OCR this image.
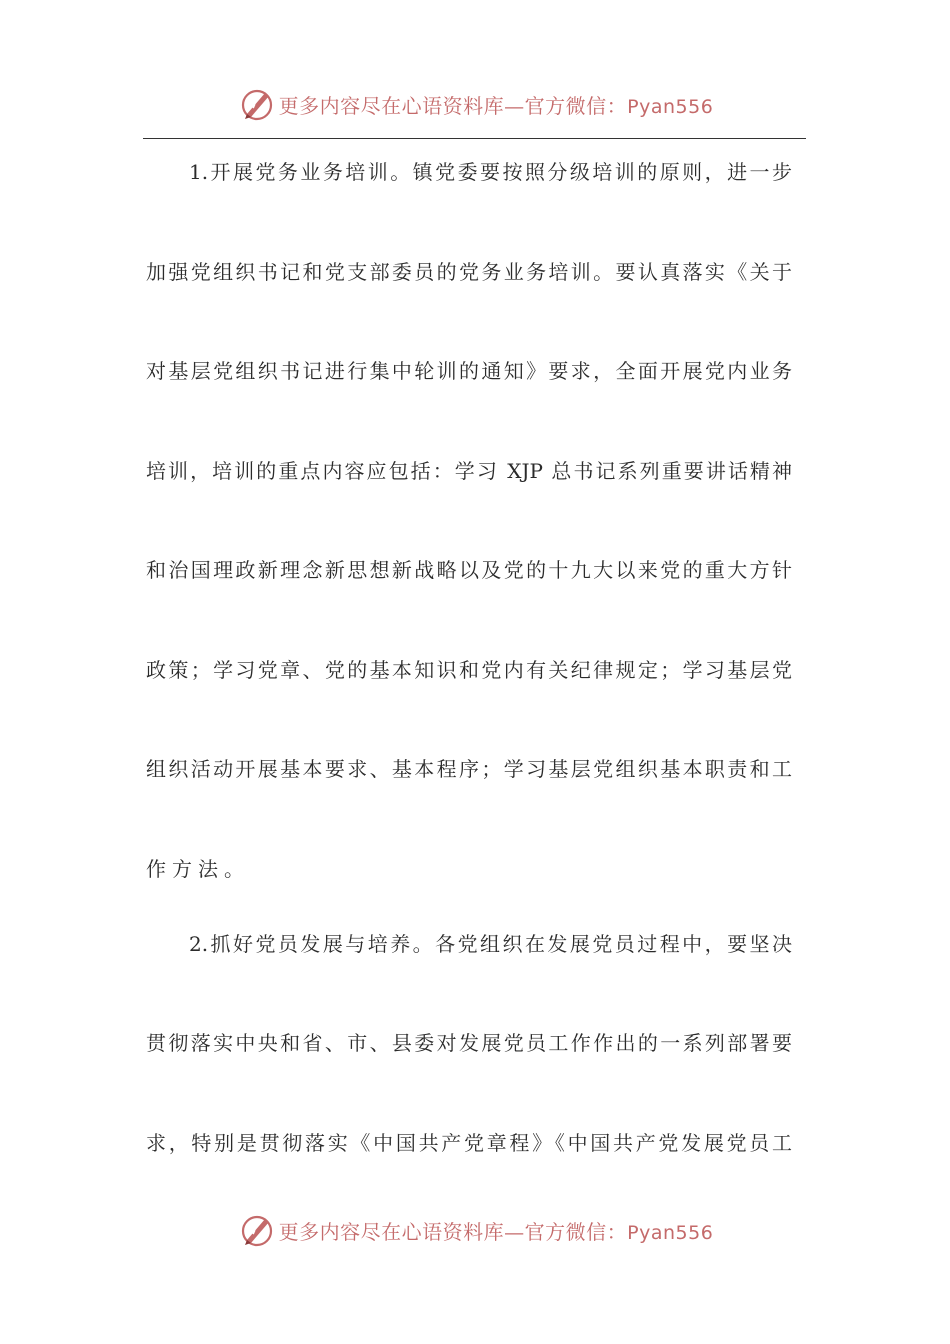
更多内容尽在心语资料库—官方微信：Pyan556
1.开展党务业务培训。镇党委要按照分级培训的原则，进一步
加强党组织书记和党支部委员的党务业务培训。要认真落实《关于
对基层党组织书记进行集中轮训的通知》要求，全面开展党内业务
培训，培训的重点内容应包括：学习 XJP 总书记系列重要讲话精神
和治国理政新理念新思想新战略以及党的十九大以来党的重大方针
政策；学习党章、党的基本知识和党内有关纪律规定；学习基层党
组织活动开展基本要求、基本程序；学习基层党组织基本职责和工
作方法。
2.抓好党员发展与培养。各党组织在发展党员过程中，要坚决
贯彻落实中央和省、市、县委对发展党员工作作出的一系列部署要
求，特别是贯彻落实《中国共产党章程》《中国共产党发展党员工
更多内容尽在心语资料库—官方微信：Pyan556
